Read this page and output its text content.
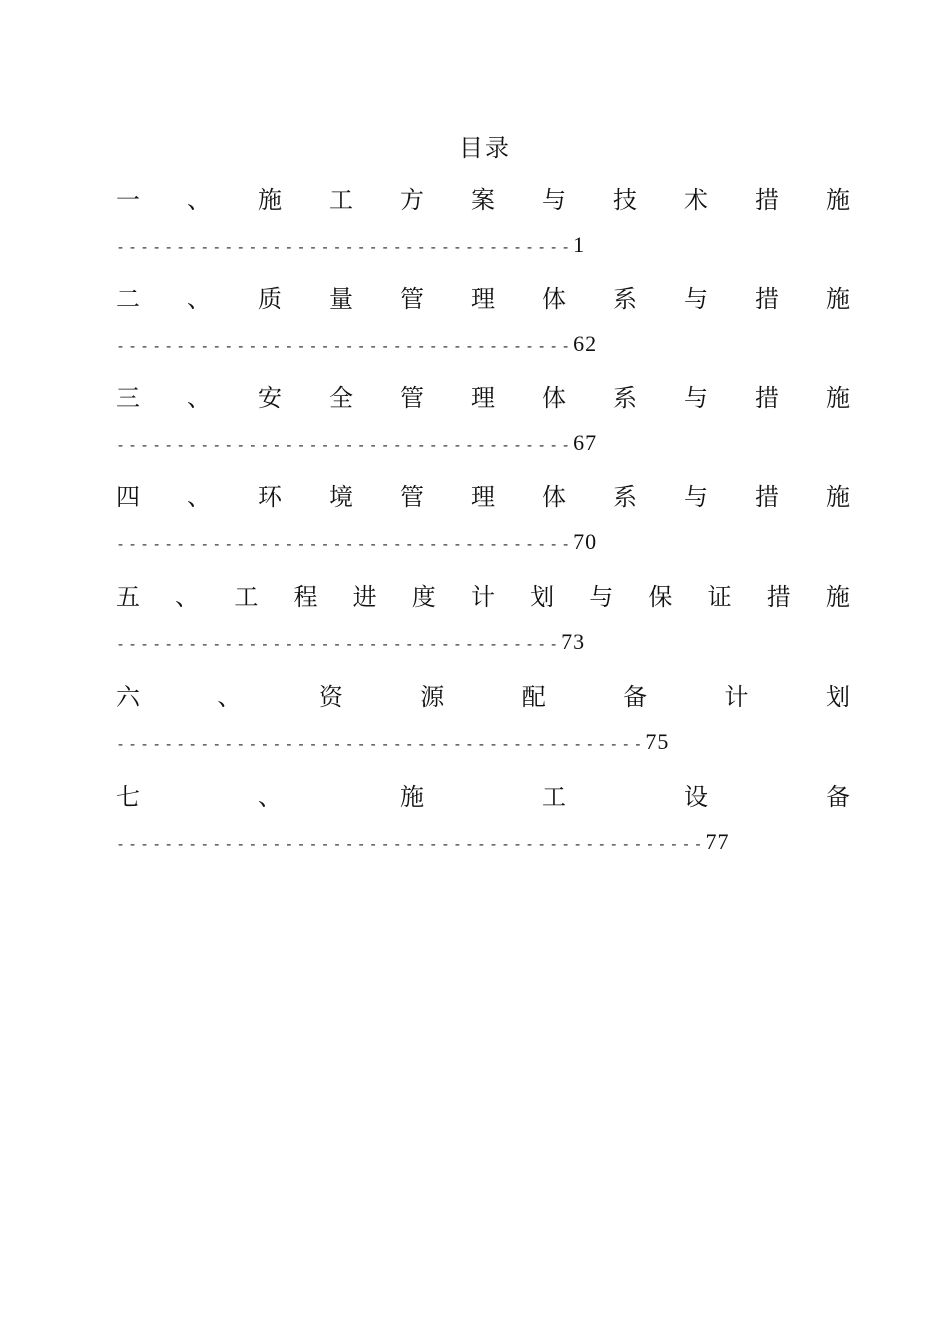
目录
一 、 施 工 方 案 与 技 术 措 施
-------------------------------------- 1
二 、 质 量 管 理 体 系 与 措 施
-------------------------------------- 62
三 、 安 全 管 理 体 系 与 措 施
-------------------------------------- 67
四 、 环 境 管 理 体 系 与 措 施
-------------------------------------- 70
五 、 工 程 进 度 计 划 与 保 证 措 施
------------------------------------- 73
六	、	资	源	配	备	计	划
-------------------------------------------- 75
七	、	施	工	设	备
------------------------------------------------- 77
